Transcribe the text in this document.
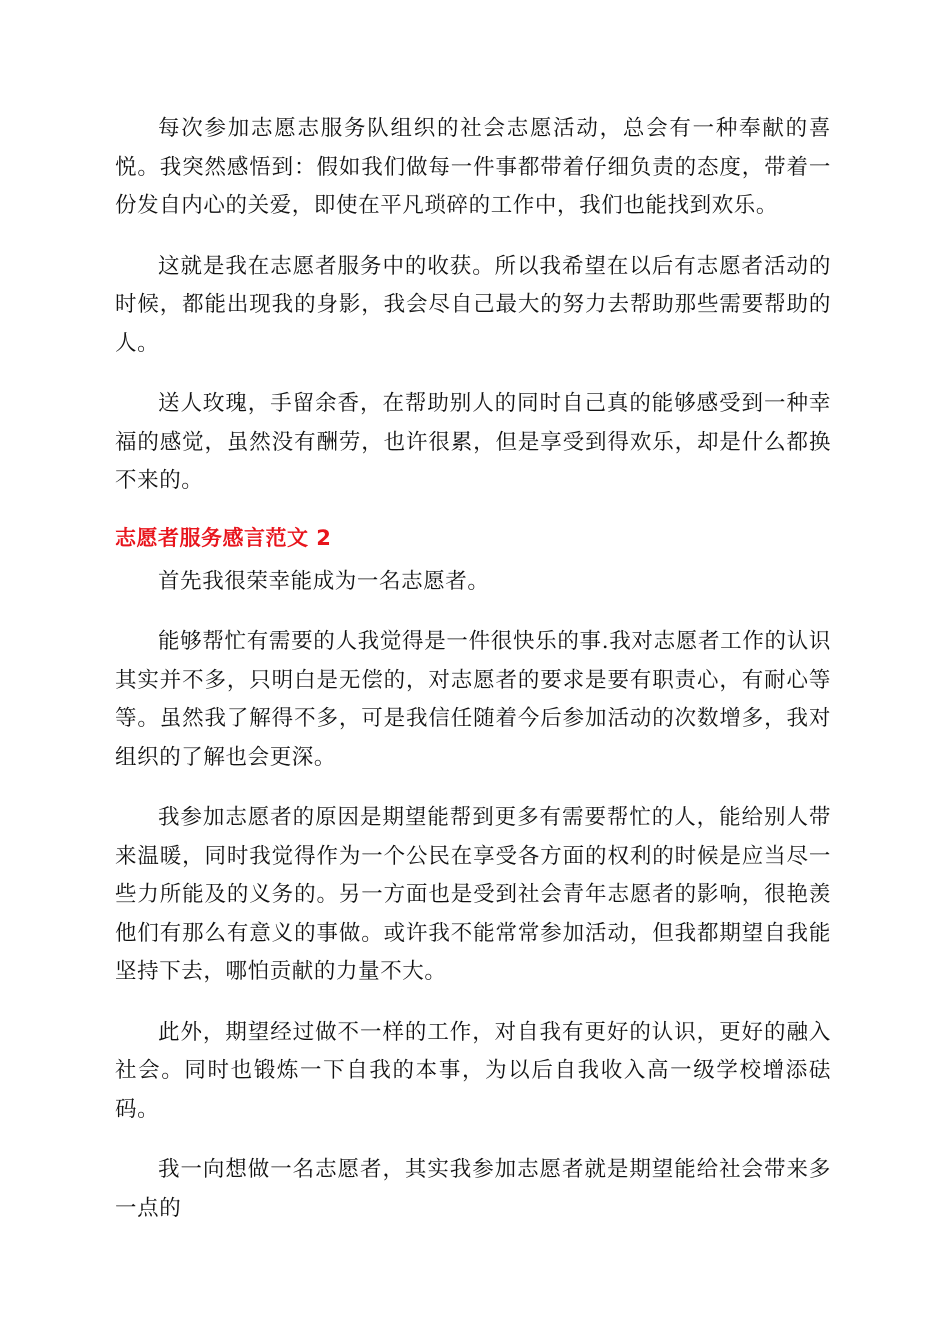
每次参加志愿志服务队组织的社会志愿活动，总会有一种奉献的喜悦。我突然感悟到：假如我们做每一件事都带着仔细负责的态度，带着一份发自内心的关爱，即使在平凡琐碎的工作中，我们也能找到欢乐。

这就是我在志愿者服务中的收获。所以我希望在以后有志愿者活动的时候，都能出现我的身影，我会尽自己最大的努力去帮助那些需要帮助的人。

送人玫瑰，手留余香，在帮助别人的同时自己真的能够感受到一种幸福的感觉，虽然没有酬劳，也许很累，但是享受到得欢乐，却是什么都换不来的。

志愿者服务感言范文 2

首先我很荣幸能成为一名志愿者。

能够帮忙有需要的人我觉得是一件很快乐的事.我对志愿者工作的认识其实并不多，只明白是无偿的，对志愿者的要求是要有职责心，有耐心等等。虽然我了解得不多，可是我信任随着今后参加活动的次数增多，我对组织的了解也会更深。

我参加志愿者的原因是期望能帮到更多有需要帮忙的人，能给别人带来温暖，同时我觉得作为一个公民在享受各方面的权利的时候是应当尽一些力所能及的义务的。另一方面也是受到社会青年志愿者的影响，很艳羡他们有那么有意义的事做。或许我不能常常参加活动，但我都期望自我能坚持下去，哪怕贡献的力量不大。

此外，期望经过做不一样的工作，对自我有更好的认识，更好的融入社会。同时也锻炼一下自我的本事，为以后自我收入高一级学校增添砝码。

我一向想做一名志愿者，其实我参加志愿者就是期望能给社会带来多一点的
